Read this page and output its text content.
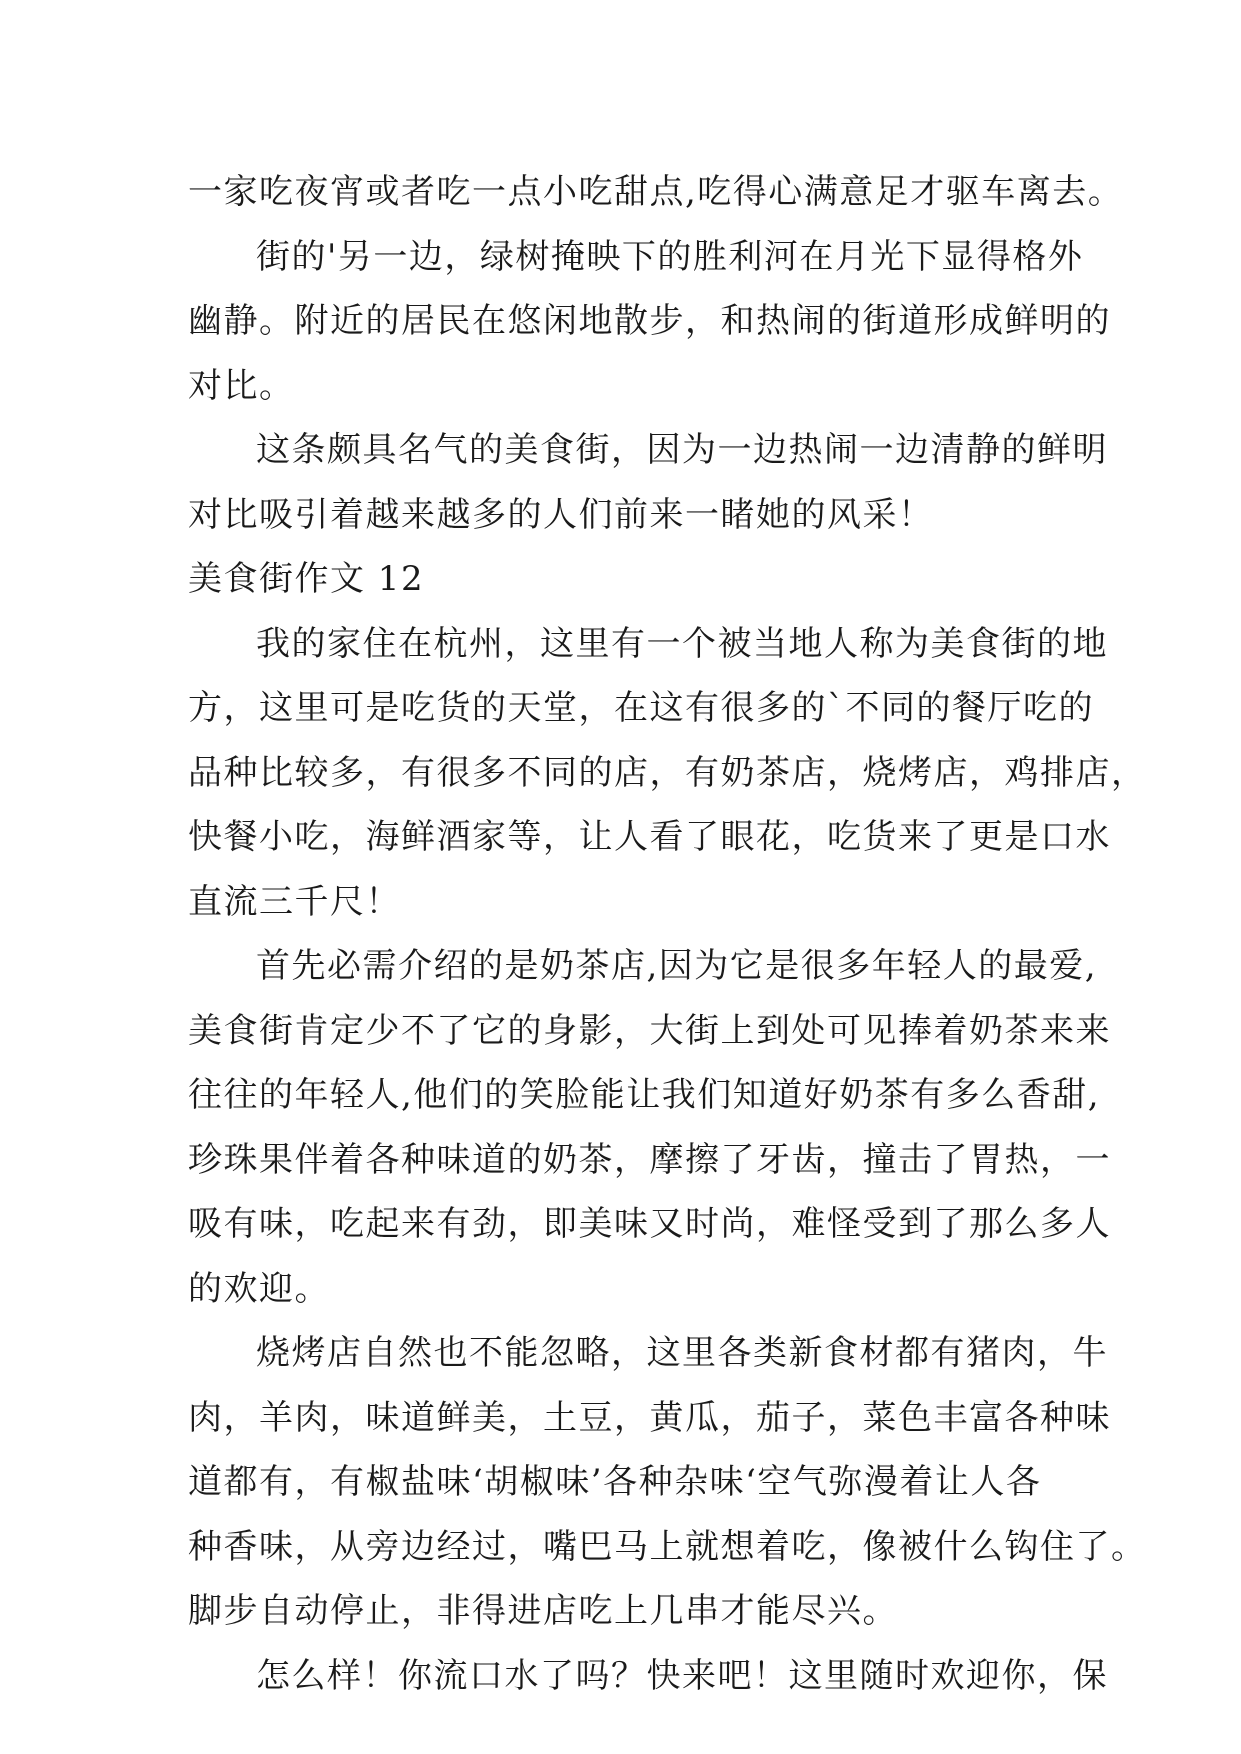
一家吃夜宵或者吃一点小吃甜点,吃得心满意足才驱车离去。

街的'另一边，绿树掩映下的胜利河在月光下显得格外

幽静。附近的居民在悠闲地散步，和热闹的街道形成鲜明的

对比。

这条颇具名气的美食街，因为一边热闹一边清静的鲜明

对比吸引着越来越多的人们前来一睹她的风采！

美食街作文 12

我的家住在杭州，这里有一个被当地人称为美食街的地

方，这里可是吃货的天堂，在这有很多的`不同的餐厅吃的

品种比较多，有很多不同的店，有奶茶店，烧烤店，鸡排店，

快餐小吃，海鲜酒家等，让人看了眼花，吃货来了更是口水

直流三千尺！

首先必需介绍的是奶茶店,因为它是很多年轻人的最爱,

美食街肯定少不了它的身影，大街上到处可见捧着奶茶来来

往往的年轻人,他们的笑脸能让我们知道好奶茶有多么香甜,

珍珠果伴着各种味道的奶茶，摩擦了牙齿，撞击了胃热，一

吸有味，吃起来有劲，即美味又时尚，难怪受到了那么多人

的欢迎。

烧烤店自然也不能忽略，这里各类新食材都有猪肉，牛

肉，羊肉，味道鲜美，土豆，黄瓜，茄子，菜色丰富各种味

道都有，有椒盐味‘胡椒味’各种杂味‘空气弥漫着让人各

种香味，从旁边经过，嘴巴马上就想着吃，像被什么钩住了。

脚步自动停止，非得进店吃上几串才能尽兴。

怎么样！你流口水了吗？快来吧！这里随时欢迎你，保
